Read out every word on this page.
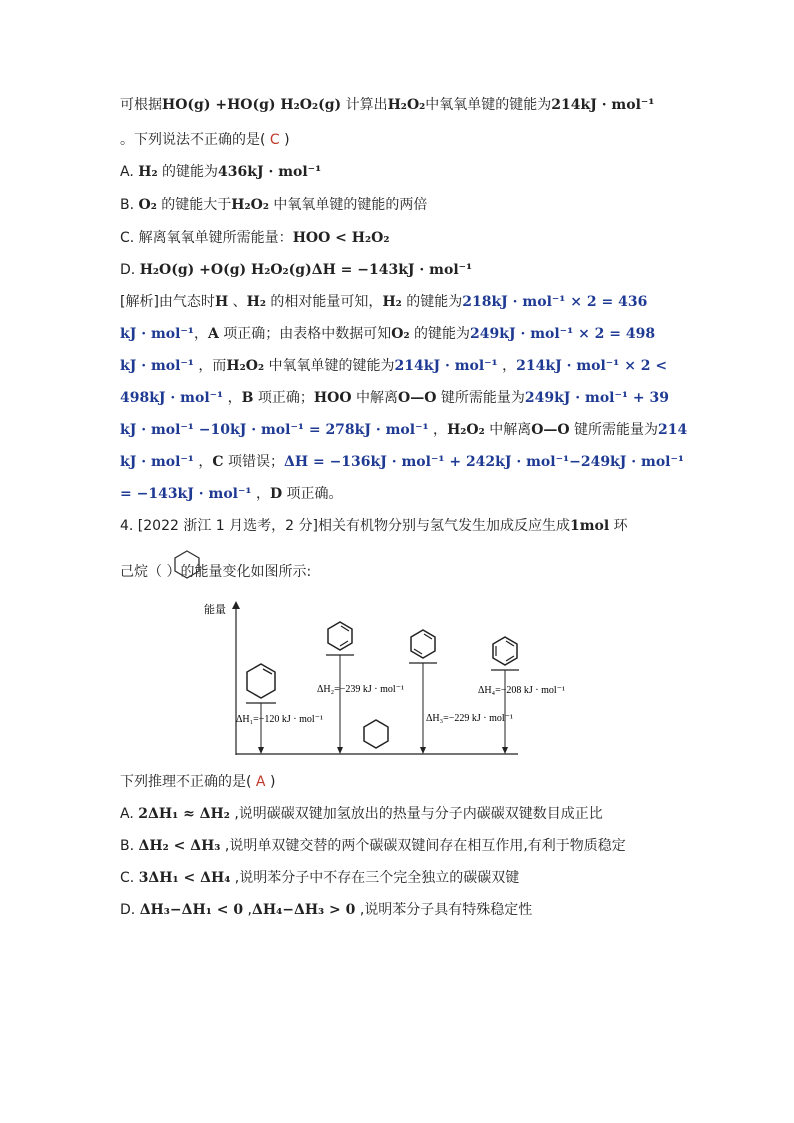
可根据HO(g) +HO(g) H₂O₂(g) 计算出H₂O₂中氧氧单键的键能为214kJ · mol⁻¹
。下列说法不正确的是( C )
A. H₂ 的键能为436kJ · mol⁻¹
B. O₂ 的键能大于H₂O₂ 中氧氧单键的键能的两倍
C. 解离氧氧单键所需能量：HOO < H₂O₂
D. H₂O(g) +O(g) H₂O₂(g)ΔH = −143kJ · mol⁻¹
[解析]由气态时H 、H₂ 的相对能量可知，H₂ 的键能为218kJ · mol⁻¹ × 2 = 436
kJ · mol⁻¹，A 项正确；由表格中数据可知O₂ 的键能为249kJ · mol⁻¹ × 2 = 498
kJ · mol⁻¹ ，而H₂O₂ 中氧氧单键的键能为214kJ · mol⁻¹ ，214kJ · mol⁻¹ × 2 <
498kJ · mol⁻¹ ，B 项正确；HOO 中解离O—O 键所需能量为249kJ · mol⁻¹ + 39
kJ · mol⁻¹ −10kJ · mol⁻¹ = 278kJ · mol⁻¹ ，H₂O₂ 中解离O—O 键所需能量为214
kJ · mol⁻¹ ，C 项错误；ΔH = −136kJ · mol⁻¹ + 242kJ · mol⁻¹−249kJ · mol⁻¹
= −143kJ · mol⁻¹ ，D 项正确。
4. [2022 浙江 1 月选考，2 分]相关有机物分别与氢气发生加成反应生成1mol 环
己烷（ ）的能量变化如图所示:
下列推理不正确的是( A )
A. 2ΔH₁ ≈ ΔH₂ ,说明碳碳双键加氢放出的热量与分子内碳碳双键数目成正比
B. ΔH₂ < ΔH₃ ,说明单双键交替的两个碳碳双键间存在相互作用,有利于物质稳定
C. 3ΔH₁ < ΔH₄ ,说明苯分子中不存在三个完全独立的碳碳双键
D. ΔH₃−ΔH₁ < 0 ,ΔH₄−ΔH₃ > 0 ,说明苯分子具有特殊稳定性
能量
ΔH₁=−120 kJ · mol⁻¹
ΔH₂=−239 kJ · mol⁻¹
ΔH₃=−229 kJ · mol⁻¹
ΔH₄=−208 kJ · mol⁻¹
